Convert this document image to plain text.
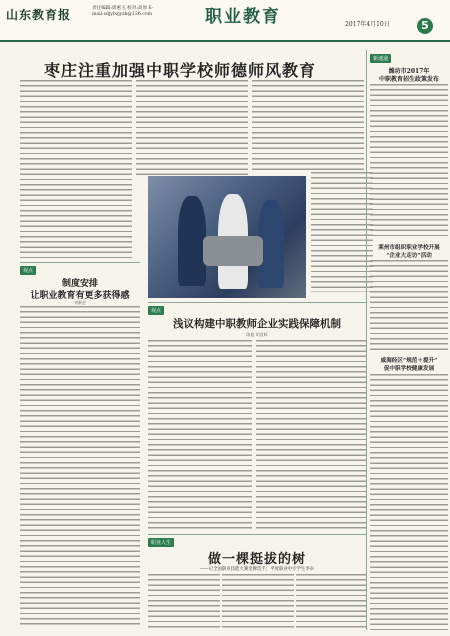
山东教育报	责任编辑:周惠玉 校对:高原 E-mail:sdjybzjyzk@126.com	职业教育	2017年4月10日	5
枣庄注重加强中职学校师德师风教育
观点
制度安排
让职业教育有更多获得感
刘新会
观点
浅议构建中职教师企业实践保障机制
陈旭 胡君辉
职业人生
做一棵挺拔的树
——记全国职业技能大赛金牌选手、平度职业中专学生李卓
新速递
潍坊市2017年
中职教育招生政策发布
莱州市组织职业学校开展
“企业大走访”活动
威海经区“规范＋提升”
促中职学校健康发展
